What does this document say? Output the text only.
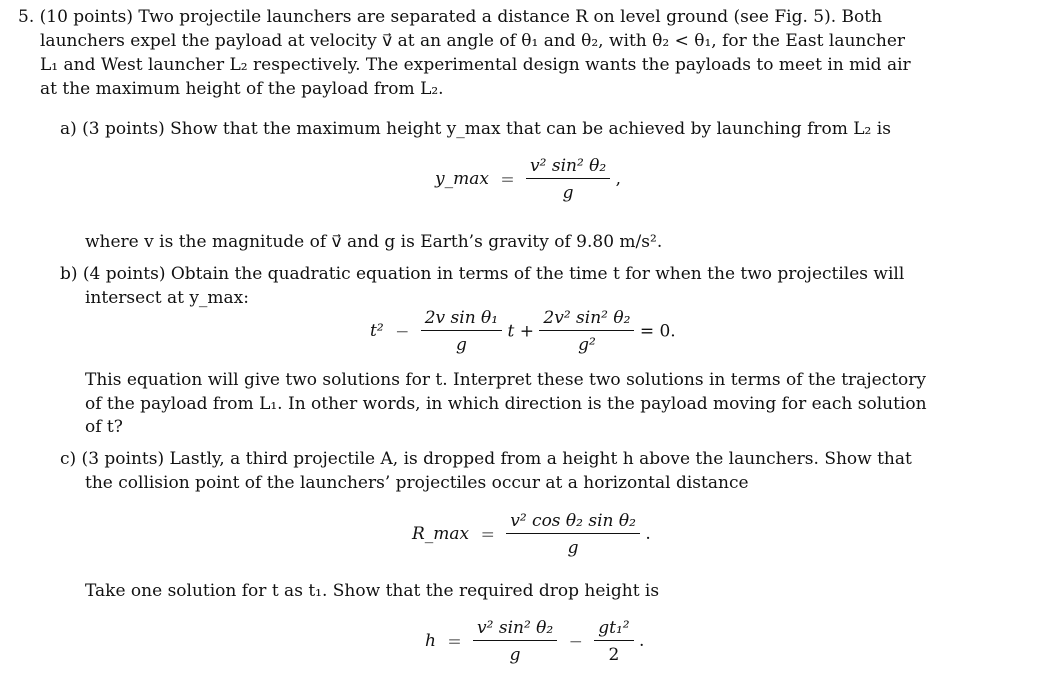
5. (10 points) Two projectile launchers are separated a distance R on level ground (see Fig. 5). Both
launchers expel the payload at velocity v⃗ at an angle of θ₁ and θ₂, with θ₂ < θ₁, for the East launcher
L₁ and West launcher L₂ respectively. The experimental design wants the payloads to meet in mid air
at the maximum height of the payload from L₂.
a) (3 points) Show that the maximum height y_max that can be achieved by launching from L₂ is
y_max = $\frac{\text{v² sin² θ₂}}{g}$ ,
where v is the magnitude of v⃗ and g is Earth’s gravity of 9.80 m/s².
b) (4 points) Obtain the quadratic equation in terms of the time t for when the two projectiles will
intersect at y_max:
$t^2 - \frac{\text{2v sin θ₁}}{g}$ $t + \frac{\text{2v² sin² θ₂}}{\text{g²}} = 0$.
This equation will give two solutions for t. Interpret these two solutions in terms of the trajectory
of the payload from L₁. In other words, in which direction is the payload moving for each solution
of t?
c) (3 points) Lastly, a third projectile A, is dropped from a height h above the launchers. Show that
the collision point of the launchers’ projectiles occur at a horizontal distance
R_max = $\frac{\text{v² cos θ₂ sin θ₂}}{g}$ .
Take one solution for t as t₁. Show that the required drop height is
$h = \frac{\text{v² sin² θ₂}}{g} - \frac{\text{gt₁²}}{2}$ .
